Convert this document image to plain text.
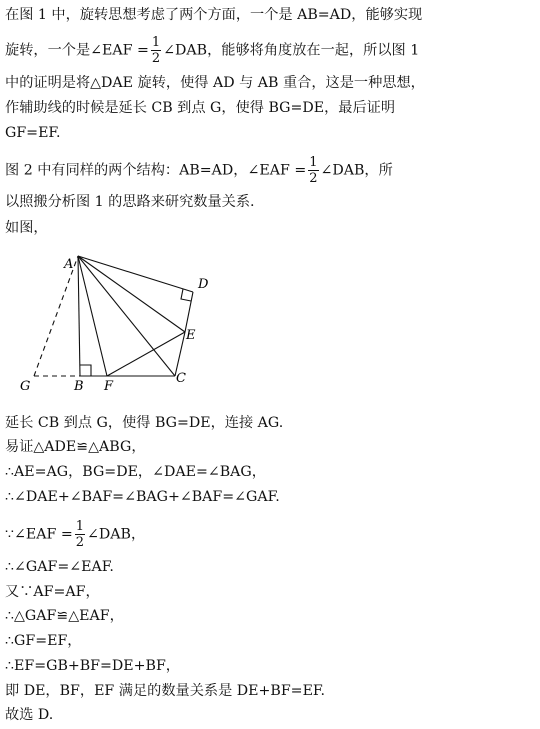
在图 1 中，旋转思想考虑了两个方面，一个是 AB=AD，能够实现
旋转，一个是∠EAF = $\frac{1}{2}$ ∠DAB，能够将角度放在一起，所以图 1
中的证明是将△DAE 旋转，使得 AD 与 AB 重合，这是一种思想，
作辅助线的时候是延长 CB 到点 G，使得 BG=DE，最后证明
GF=EF.
图 2 中有同样的两个结构：AB=AD，∠EAF = $\frac{1}{2}$ ∠DAB，所
以照搬分析图 1 的思路来研究数量关系.
如图，
A
B
C
D
E
F
G
延长 CB 到点 G，使得 BG=DE，连接 AG.
易证△ADE≌△ABG，
∴AE=AG，BG=DE，∠DAE=∠BAG，
∴∠DAE+∠BAF=∠BAG+∠BAF=∠GAF.
∵∠EAF = $\frac{1}{2}$ ∠DAB，
∴∠GAF=∠EAF.
又∵AF=AF，
∴△GAF≌△EAF，
∴GF=EF，
∴EF=GB+BF=DE+BF，
即 DE，BF，EF 满足的数量关系是 DE+BF=EF.
故选 D.
